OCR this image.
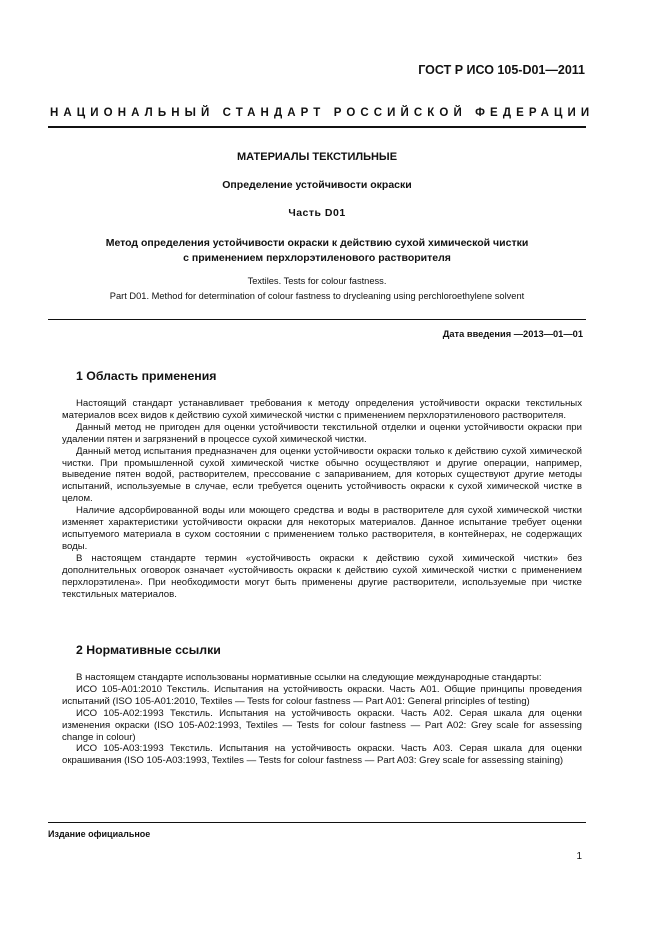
ГОСТ Р ИСО 105-D01—2011
НАЦИОНАЛЬНЫЙ СТАНДАРТ РОССИЙСКОЙ ФЕДЕРАЦИИ
МАТЕРИАЛЫ ТЕКСТИЛЬНЫЕ
Определение устойчивости окраски
Часть D01
Метод определения устойчивости окраски к действию сухой химической чистки
с применением перхлорэтиленового растворителя
Textiles. Tests for colour fastness.
Part D01. Method for determination of colour fastness to drycleaning using perchloroethylene solvent
Дата введения —2013—01—01
1 Область применения

Настоящий стандарт устанавливает требования к методу определения устойчивости окраски текстильных материалов всех видов к действию сухой химической чистки с применением перхлорэтиленового растворителя.

Данный метод не пригоден для оценки устойчивости текстильной отделки и оценки устойчивости окраски при удалении пятен и загрязнений в процессе сухой химической чистки.

Данный метод испытания предназначен для оценки устойчивости окраски только к действию сухой химической чистки. При промышленной сухой химической чистке обычно осуществляют и другие операции, например, выведение пятен водой, растворителем, прессование с запариванием, для которых существуют другие методы испытаний, используемые в случае, если требуется оценить устойчивость окраски к сухой химической чистке в целом.

Наличие адсорбированной воды или моющего средства и воды в растворителе для сухой химической чистки изменяет характеристики устойчивости окраски для некоторых материалов. Данное испытание требует оценки испытуемого материала в сухом состоянии с применением только растворителя, в контейнерах, не содержащих воды.

В настоящем стандарте термин «устойчивость окраски к действию сухой химической чистки» без дополнительных оговорок означает «устойчивость окраски к действию сухой химической чистки с применением перхлорэтилена». При необходимости могут быть применены другие растворители, используемые при чистке текстильных материалов.

2 Нормативные ссылки

В настоящем стандарте использованы нормативные ссылки на следующие международные стандарты:

ИСО 105-A01:2010 Текстиль. Испытания на устойчивость окраски. Часть A01. Общие принципы проведения испытаний (ISO 105-A01:2010, Textiles — Tests for colour fastness — Part A01: General principles of testing)

ИСО 105-A02:1993 Текстиль. Испытания на устойчивость окраски. Часть A02. Серая шкала для оценки изменения окраски (ISO 105-A02:1993, Textiles — Tests for colour fastness — Part A02: Grey scale for assessing change in colour)

ИСО 105-A03:1993 Текстиль. Испытания на устойчивость окраски. Часть A03. Серая шкала для оценки окрашивания (ISO 105-A03:1993, Textiles — Tests for colour fastness — Part A03: Grey scale for assessing staining)

Издание официальное
1
